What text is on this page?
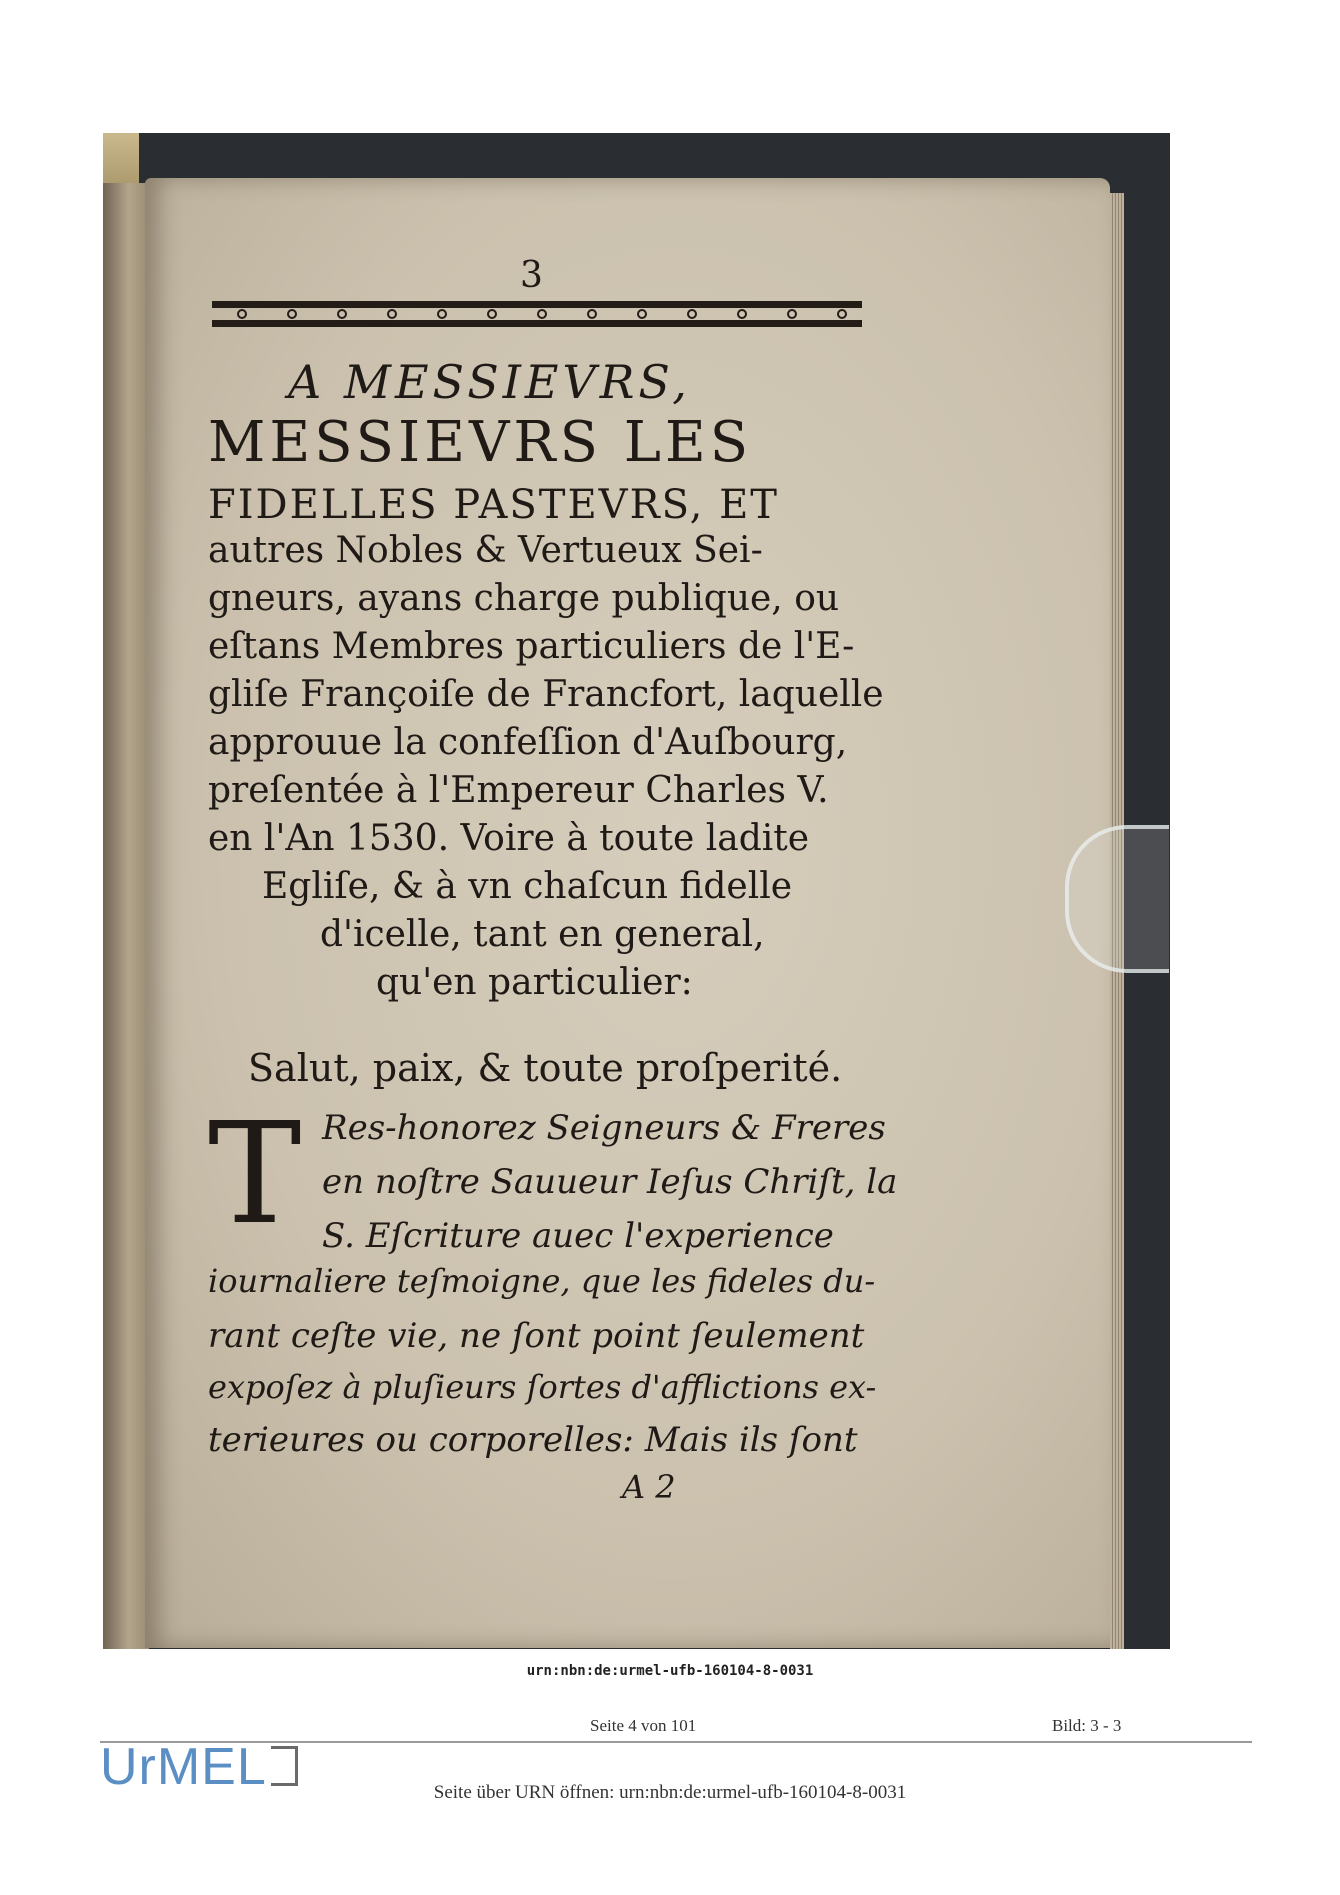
3
A MESSIEVRS,
MESSIEVRS LES
FIDELLES PASTEVRS, ET
autres Nobles & Vertueux Sei-
gneurs, ayans charge publique, ou
eſtans Membres particuliers de l'E-
gliſe Françoiſe de Francfort, laquelle
approuue la confeſſion d'Auſbourg,
preſentée à l'Empereur Charles V.
en l'An 1530. Voire à toute ladite
Egliſe, & à vn chaſcun fidelle
d'icelle, tant en general,
qu'en particulier:
Salut, paix, & toute proſperité.
T Res-honorez Seigneurs & Freres
en noſtre Sauueur Ieſus Chriſt, la
S. Eſcriture auec l'experience
iournaliere teſmoigne, que les fideles du-
rant ceſte vie, ne ſont point ſeulement
expoſez à pluſieurs ſortes d'afflictions ex-
terieures ou corporelles: Mais ils ſont
A 2
urn:nbn:de:urmel-ufb-160104-8-0031
Seite 4 von 101	Bild: 3 - 3
UrMEL	Seite über URN öffnen: urn:nbn:de:urmel-ufb-160104-8-0031
